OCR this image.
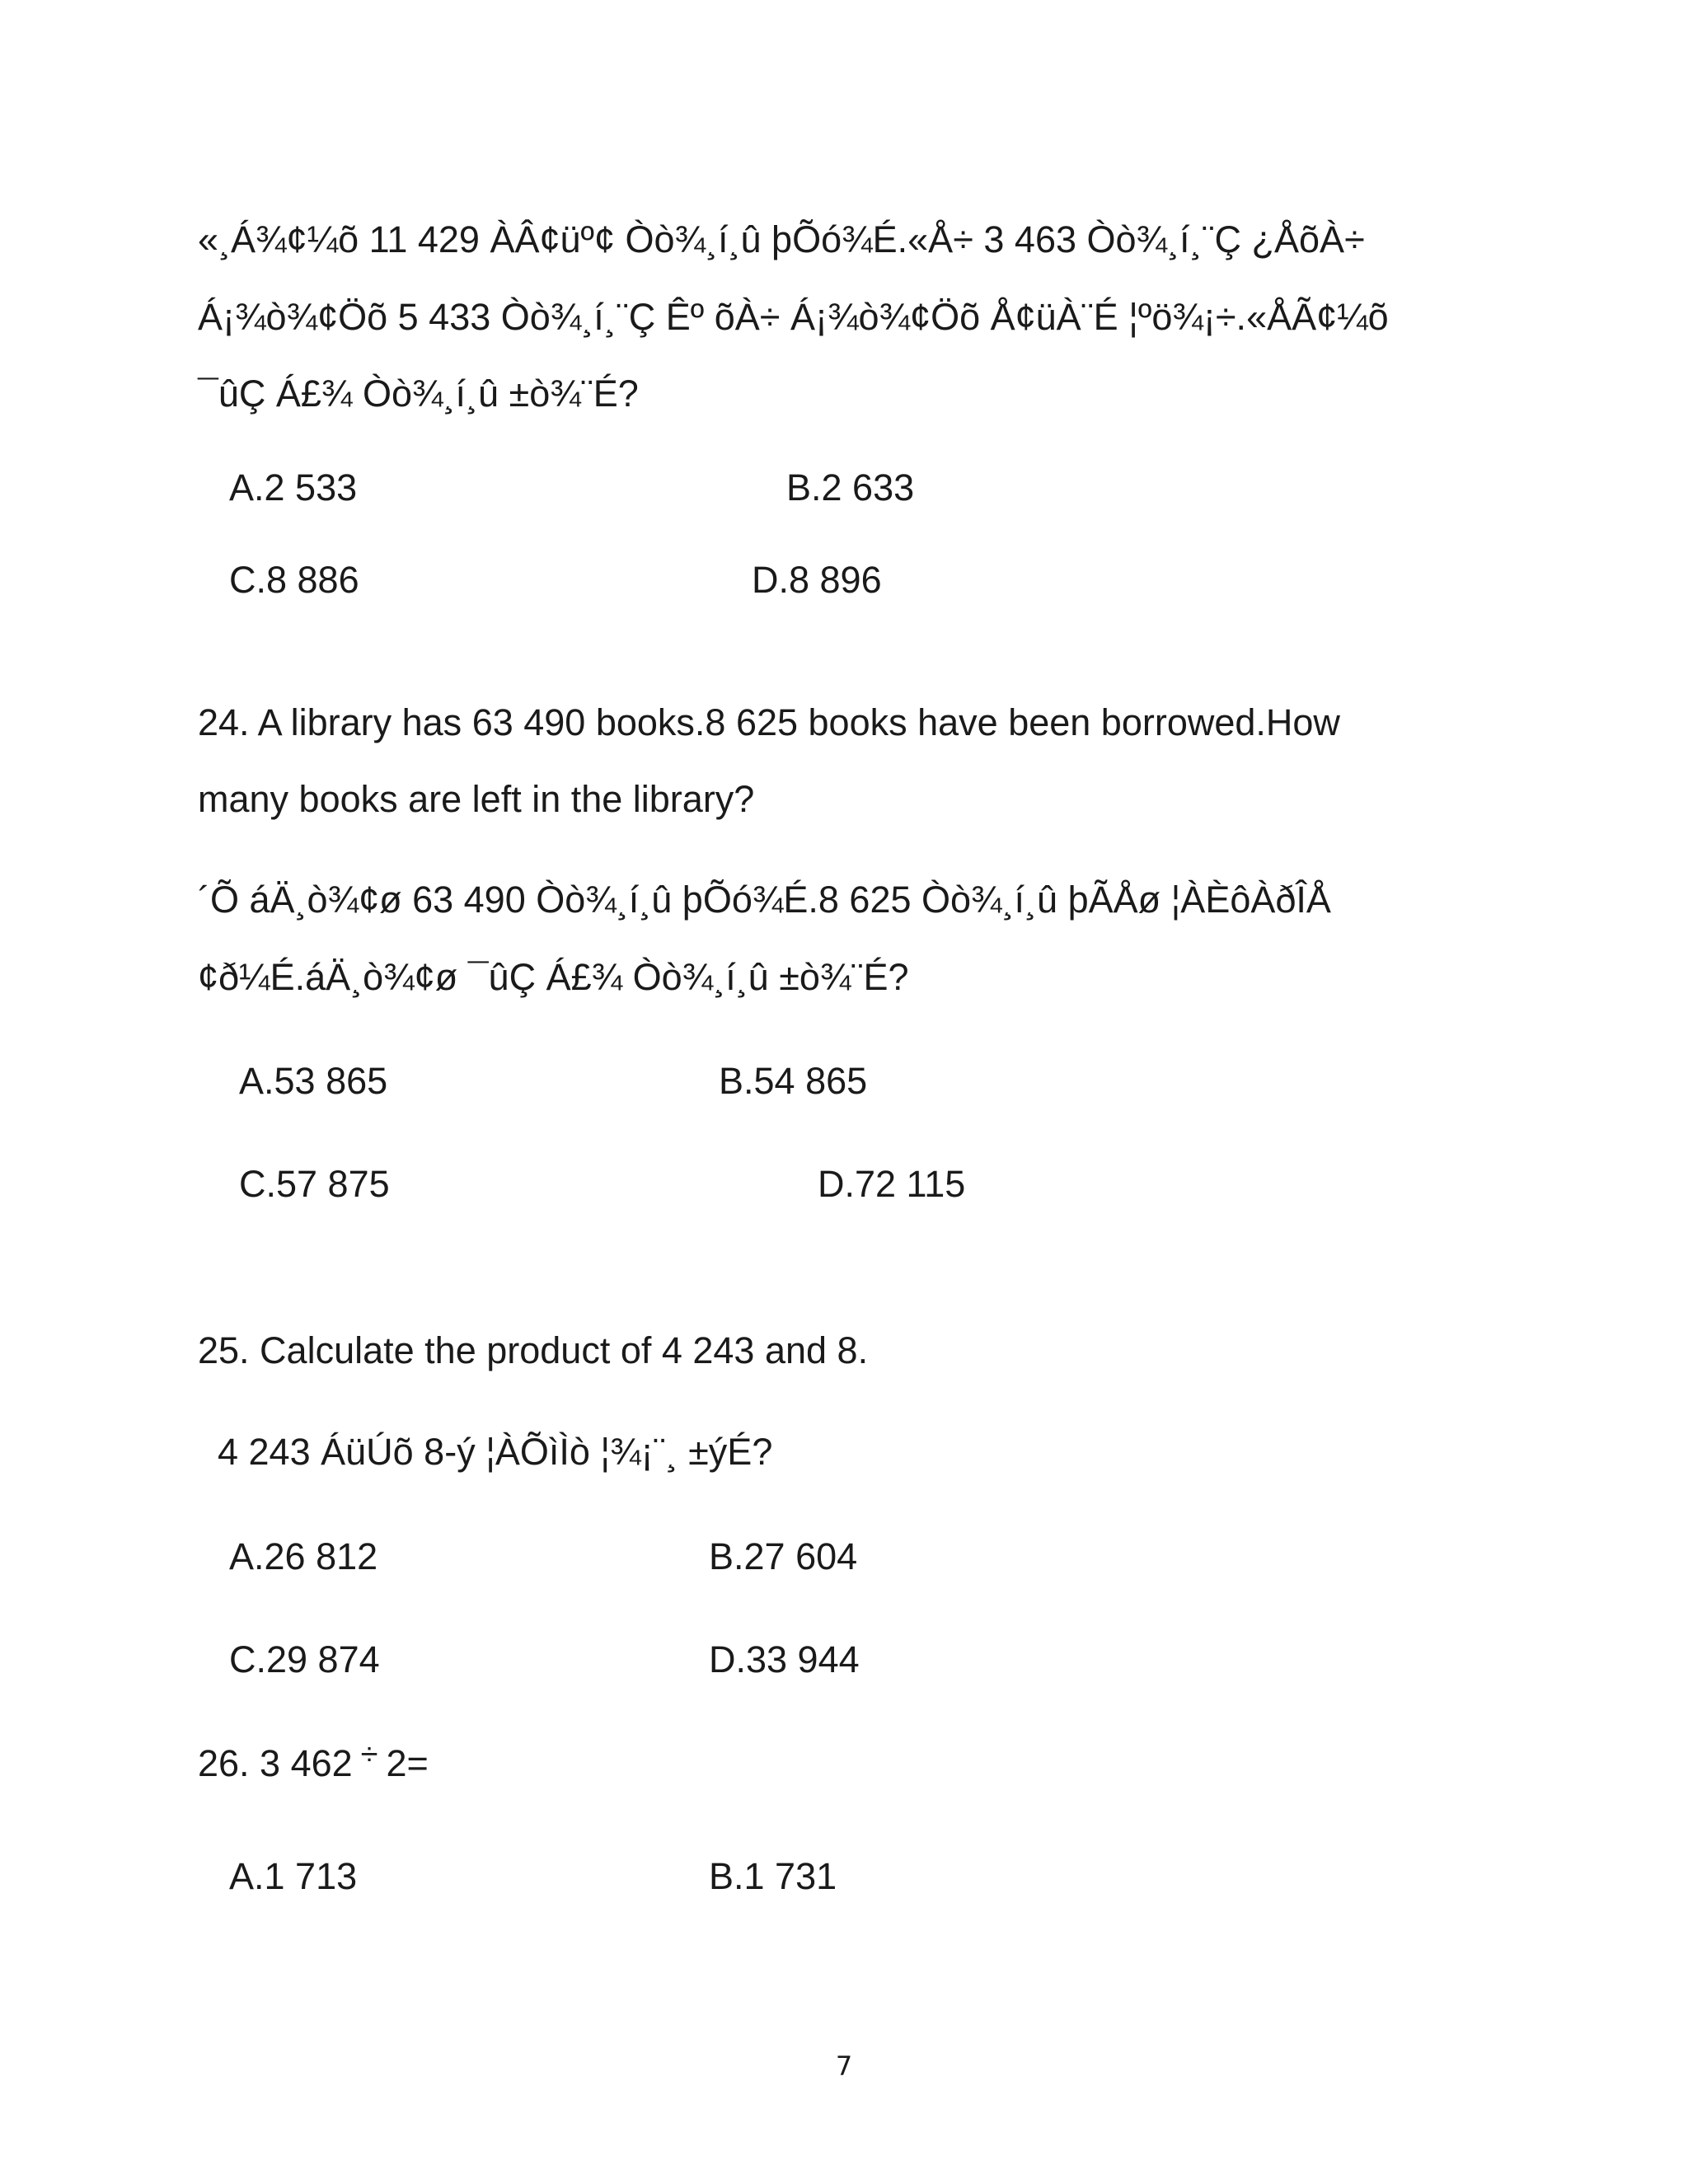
«¸Á¾¢¼õ 11 429 ÀÂ¢üº¢ Òò¾¸í¸û þÕó¾É.«Å÷ 3 463 Òò¾¸í¸¨Ç ¿ÅõÀ÷
Á¡¾ò¾¢Öõ 5 433 Òò¾¸í¸¨Ç Êº õÀ÷ Á¡¾ò¾¢Öõ Å¢üÀ¨É ¦ºö¾¡÷.«ÅÃ¢¼õ
¯ûÇ Á£¾ Òò¾¸í¸û ±ò¾¨É?
A.2 533	B.2 633
C.8 886	D.8 896
24. A library has 63 490 books.8 625 books have been borrowed.How
many books are left in the library?
´Õ áÄ¸ò¾¢ø 63 490 Òò¾¸í¸û þÕó¾É.8 625 Òò¾¸í¸û þÃÅø ¦ÀÈôÀðÎÅ
¢ð¼É.áÄ¸ò¾¢ø ¯ûÇ Á£¾ Òò¾¸í¸û ±ò¾¨É?
A.53 865	B.54 865
C.57 875	D.72 115
25. Calculate the product of 4 243 and 8.
4 243 ÁüÚõ 8-ý ¦ÀÕìÌò ¦¾¡¨¸ ±ýÉ?
A.26 812	B.27 604
C.29 874	D.33 944
26. 3 462 ÷ 2=
A.1 713	B.1 731
7
